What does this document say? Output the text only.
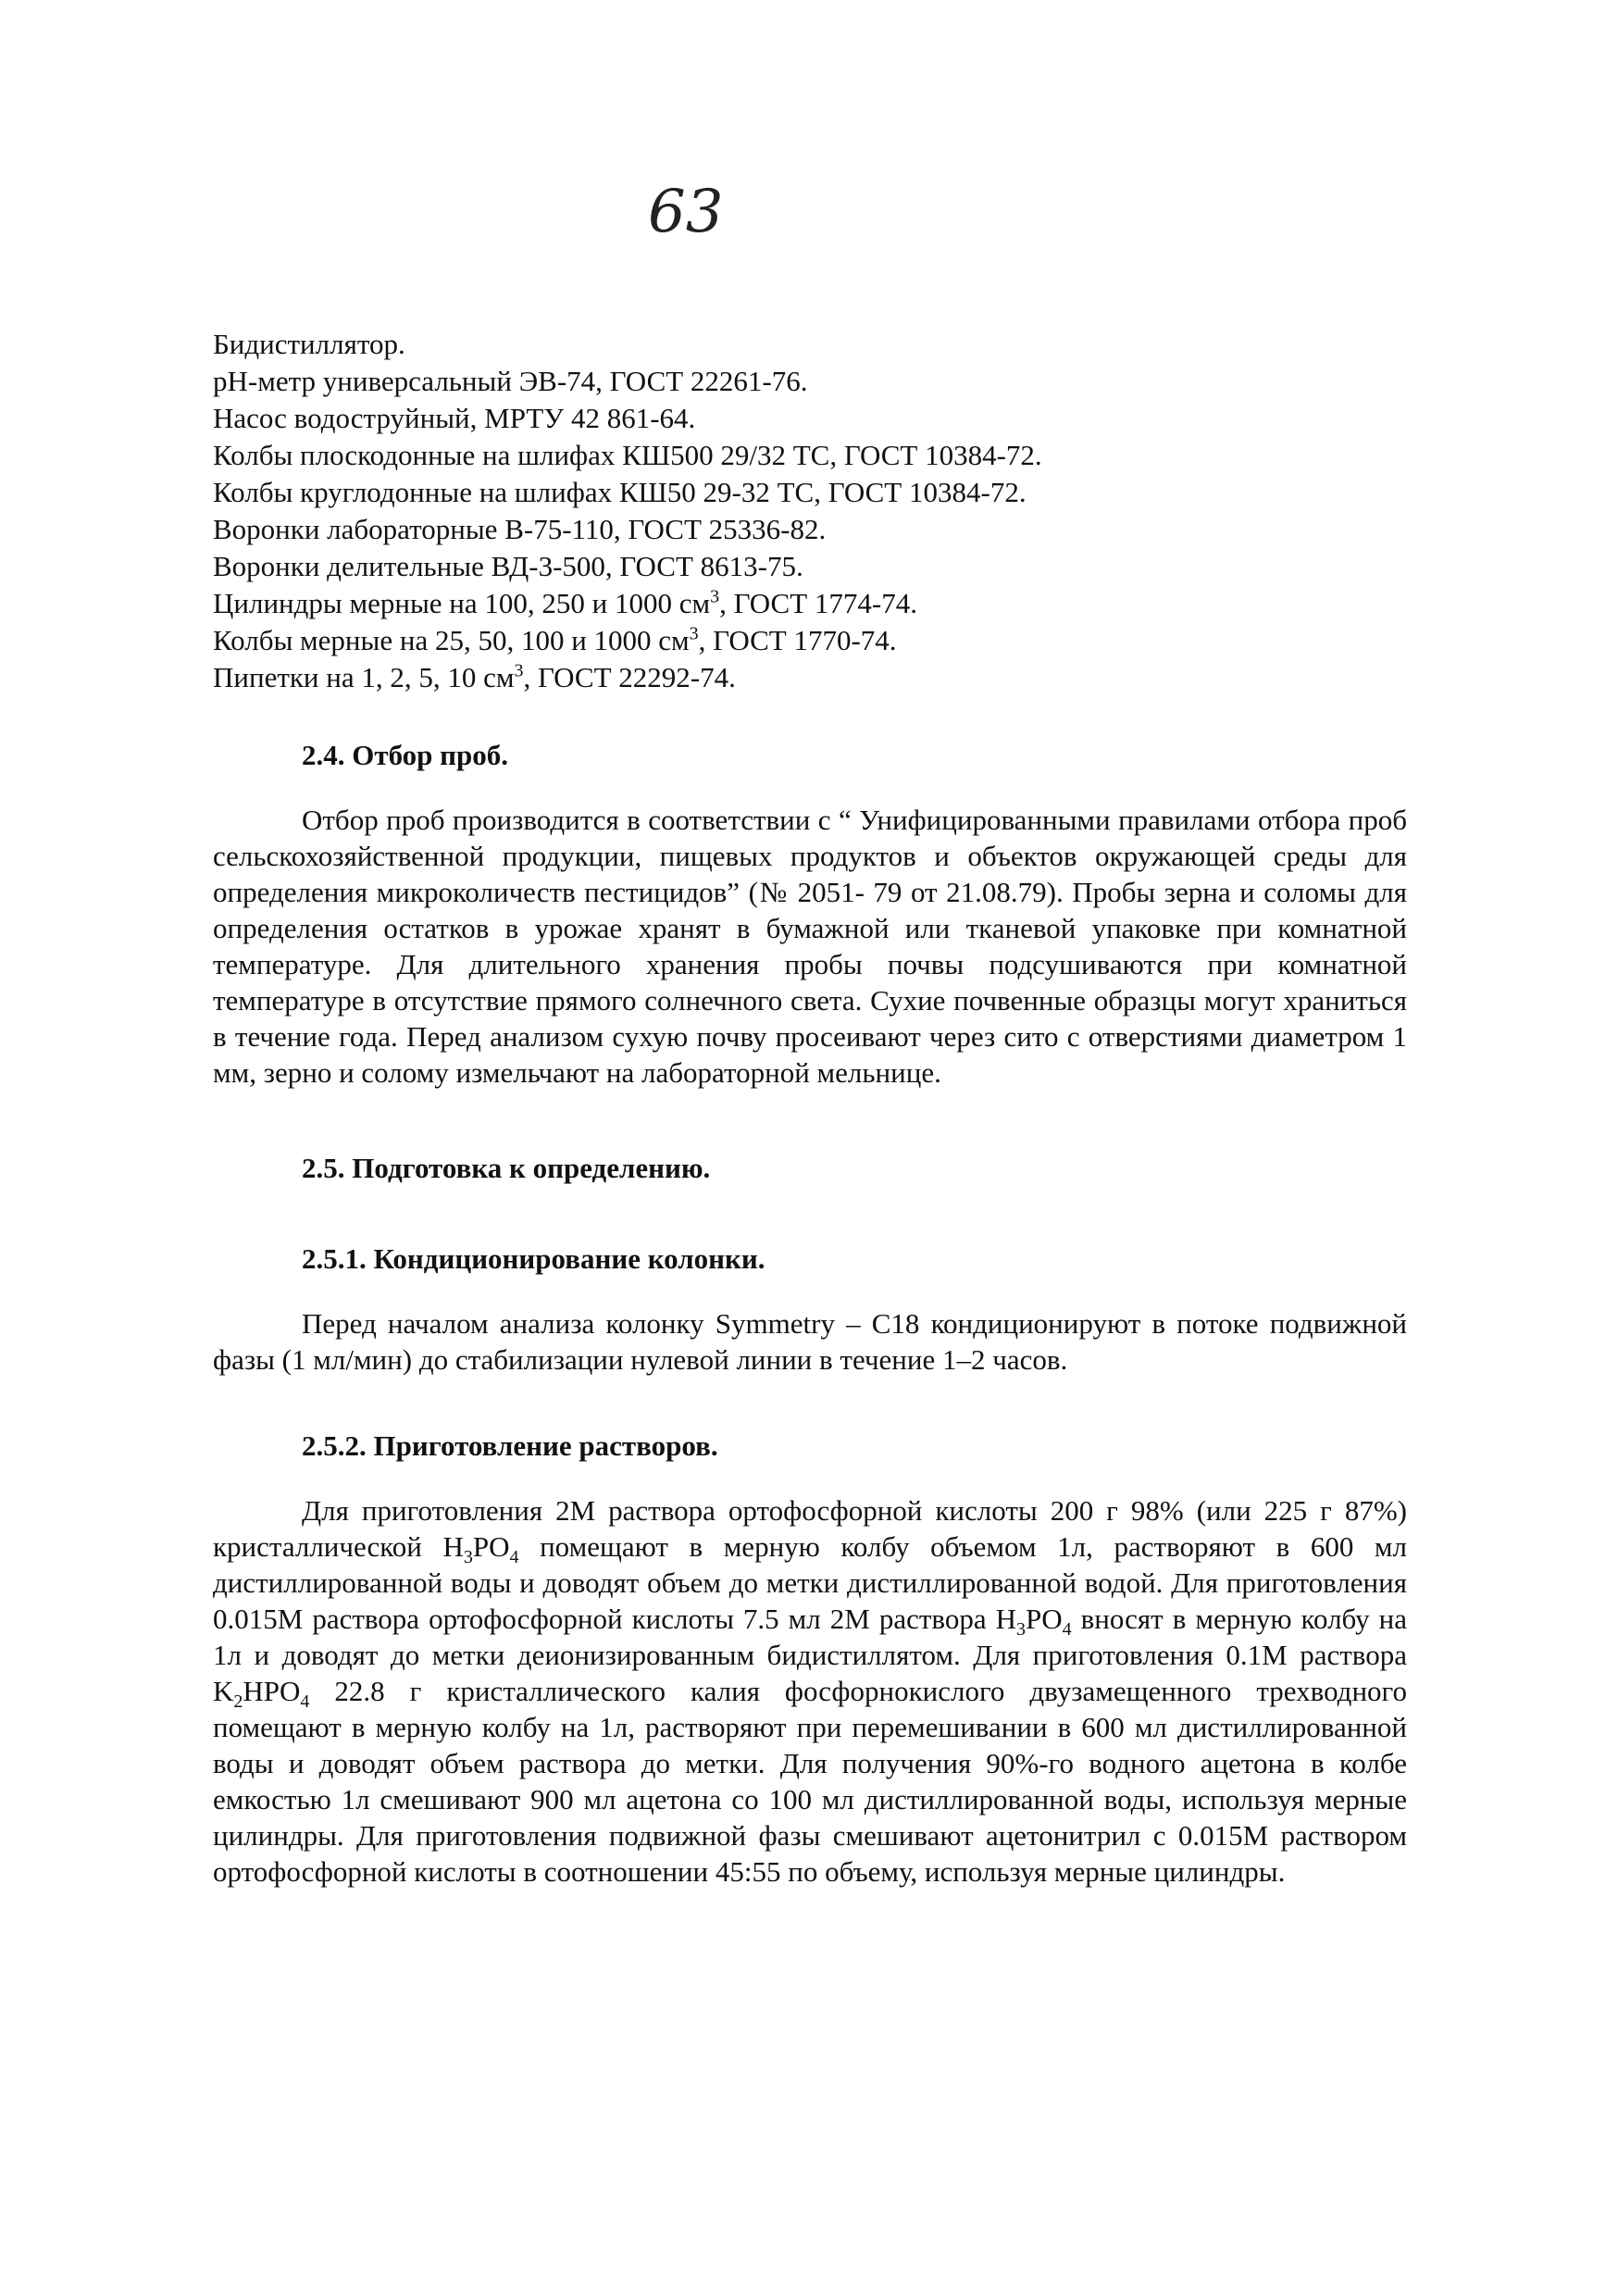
63
Бидистиллятор.
pH-метр универсальный ЭВ-74, ГОСТ 22261-76.
Насос водоструйный, МРТУ 42 861-64.
Колбы плоскодонные на шлифах КШ500 29/32 ТС, ГОСТ 10384-72.
Колбы круглодонные на шлифах КШ50 29-32 ТС, ГОСТ 10384-72.
Воронки лабораторные В-75-110, ГОСТ 25336-82.
Воронки делительные ВД-3-500, ГОСТ 8613-75.
Цилиндры мерные на 100, 250 и 1000 $см^3$, ГОСТ 1774-74.
Колбы мерные на 25, 50, 100 и 1000 $см^3$, ГОСТ 1770-74.
Пипетки на 1, 2, 5, 10 $см^3$, ГОСТ 22292-74.

2.4. Отбор проб.

Отбор проб производится в соответствии с “ Унифицированными правилами отбора проб сельскохозяйственной продукции, пищевых продуктов и объектов окружающей среды для определения микроколичеств пестицидов” (№ 2051- 79 от 21.08.79). Пробы зерна и соломы для определения остатков в урожае хранят в бумажной или тканевой упаковке при комнатной температуре. Для длительного хранения пробы почвы подсушиваются при комнатной температуре в отсутствие прямого солнечного света. Сухие почвенные образцы могут храниться в течение года. Перед анализом сухую почву просеивают через сито с отверстиями диаметром 1 мм, зерно и солому измельчают на лабораторной мельнице.

2.5. Подготовка к определению.

2.5.1. Кондиционирование колонки.

Перед началом анализа колонку Symmetry – C18 кондиционируют в потоке подвижной фазы (1 мл/мин) до стабилизации нулевой линии в течение 1–2 часов.

2.5.2. Приготовление растворов.

Для приготовления 2М раствора ортофосфорной кислоты 200 г 98% (или 225 г 87%) кристаллической $H_3PO_4$ помещают в мерную колбу объемом 1л, растворяют в 600 мл дистиллированной воды и доводят объем до метки дистиллированной водой. Для приготовления 0.015М раствора ортофосфорной кислоты 7.5 мл 2М раствора $H_3PO_4$ вносят в мерную колбу на 1л и доводят до метки деионизированным бидистиллятом. Для приготовления 0.1М раствора $K_2HPO_4$ 22.8 г кристаллического калия фосфорнокислого двузамещенного трехводного помещают в мерную колбу на 1л, растворяют при перемешивании в 600 мл дистиллированной воды и доводят объем раствора до метки. Для получения 90%-го водного ацетона в колбе емкостью 1л смешивают 900 мл ацетона со 100 мл дистиллированной воды, используя мерные цилиндры. Для приготовления подвижной фазы смешивают ацетонитрил с 0.015М раствором ортофосфорной кислоты в соотношении 45:55 по объему, используя мерные цилиндры.
